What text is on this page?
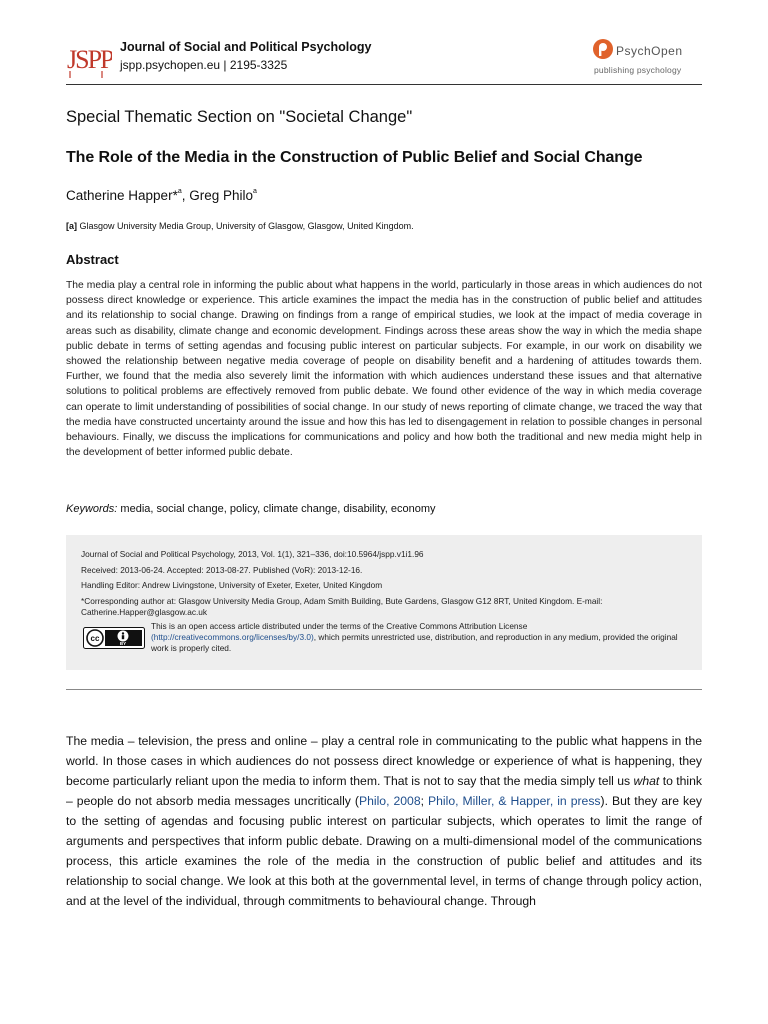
JSPP Journal of Social and Political Psychology
jspp.psychopen.eu | 2195-3325
PsychOpen
publishing psychology
Special Thematic Section on "Societal Change"
The Role of the Media in the Construction of Public Belief and Social Change
Catherine Happer*$^a$, Greg Philo$^a$
[a] Glasgow University Media Group, University of Glasgow, Glasgow, United Kingdom.
Abstract

The media play a central role in informing the public about what happens in the world, particularly in those areas in which audiences do not possess direct knowledge or experience. This article examines the impact the media has in the construction of public belief and attitudes and its relationship to social change. Drawing on findings from a range of empirical studies, we look at the impact of media coverage in areas such as disability, climate change and economic development. Findings across these areas show the way in which the media shape public debate in terms of setting agendas and focusing public interest on particular subjects. For example, in our work on disability we showed the relationship between negative media coverage of people on disability benefit and a hardening of attitudes towards them. Further, we found that the media also severely limit the information with which audiences understand these issues and that alternative solutions to political problems are effectively removed from public debate. We found other evidence of the way in which media coverage can operate to limit understanding of possibilities of social change. In our study of news reporting of climate change, we traced the way that the media have constructed uncertainty around the issue and how this has led to disengagement in relation to possible changes in personal behaviours. Finally, we discuss the implications for communications and policy and how both the traditional and new media might help in the development of better informed public debate.

Keywords: media, social change, policy, climate change, disability, economy
Journal of Social and Political Psychology, 2013, Vol. 1(1), 321–336, doi:10.5964/jspp.v1i1.96
Received: 2013-06-24. Accepted: 2013-08-27. Published (VoR): 2013-12-16.
Handling Editor: Andrew Livingstone, University of Exeter, Exeter, United Kingdom
*Corresponding author at: Glasgow University Media Group, Adam Smith Building, Bute Gardens, Glasgow G12 8RT, United Kingdom. E-mail:
Catherine.Happer@glasgow.ac.uk
cc
BY

This is an open access article distributed under the terms of the Creative Commons Attribution License
(http://creativecommons.org/licenses/by/3.0), which permits unrestricted use, distribution, and reproduction in any medium, provided the original work is properly cited.

The media – television, the press and online – play a central role in communicating to the public what happens in the world. In those cases in which audiences do not possess direct knowledge or experience of what is happening, they become particularly reliant upon the media to inform them. That is not to say that the media simply tell us what to think – people do not absorb media messages uncritically (Philo, 2008; Philo, Miller, & Happer, in press). But they are key to the setting of agendas and focusing public interest on particular subjects, which operates to limit the range of arguments and perspectives that inform public debate. Drawing on a multi-dimensional model of the communications process, this article examines the role of the media in the construction of public belief and attitudes and its relationship to social change. We look at this both at the governmental level, in terms of change through policy action, and at the level of the individual, through commitments to behavioural change. Through
